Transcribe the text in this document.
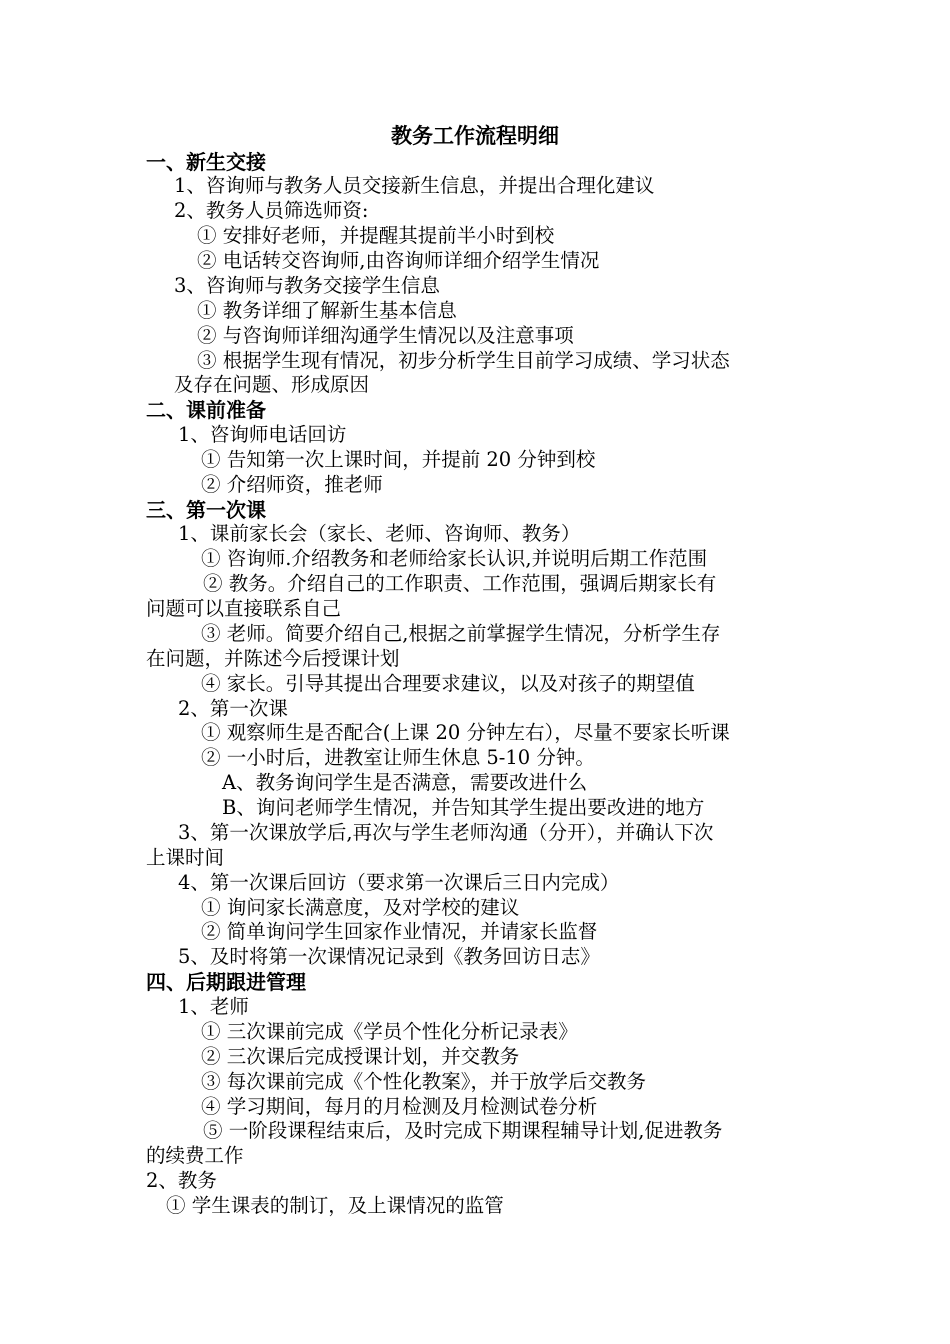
教务工作流程明细
一、新生交接
1、咨询师与教务人员交接新生信息，并提出合理化建议
2、教务人员筛选师资:
① 安排好老师，并提醒其提前半小时到校
② 电话转交咨询师,由咨询师详细介绍学生情况
3、咨询师与教务交接学生信息
① 教务详细了解新生基本信息
② 与咨询师详细沟通学生情况以及注意事项
③ 根据学生现有情况，初步分析学生目前学习成绩、学习状态
及存在问题、形成原因
二、课前准备
1、咨询师电话回访
① 告知第一次上课时间，并提前 20 分钟到校
② 介绍师资，推老师
三、第一次课
1、课前家长会（家长、老师、咨询师、教务）
① 咨询师.介绍教务和老师给家长认识,并说明后期工作范围
② 教务。介绍自己的工作职责、工作范围，强调后期家长有
问题可以直接联系自己
③ 老师。简要介绍自己,根据之前掌握学生情况，分析学生存
在问题，并陈述今后授课计划
④ 家长。引导其提出合理要求建议，以及对孩子的期望值
2、第一次课
① 观察师生是否配合(上课 20 分钟左右），尽量不要家长听课
② 一小时后，进教室让师生休息 5-10 分钟。
A、教务询问学生是否满意，需要改进什么
B、询问老师学生情况，并告知其学生提出要改进的地方
3、第一次课放学后,再次与学生老师沟通（分开），并确认下次
上课时间
4、第一次课后回访（要求第一次课后三日内完成）
① 询问家长满意度，及对学校的建议
② 简单询问学生回家作业情况，并请家长监督
5、及时将第一次课情况记录到《教务回访日志》
四、后期跟进管理
1、老师
① 三次课前完成《学员个性化分析记录表》
② 三次课后完成授课计划，并交教务
③ 每次课前完成《个性化教案》，并于放学后交教务
④ 学习期间，每月的月检测及月检测试卷分析
⑤ 一阶段课程结束后，及时完成下期课程辅导计划,促进教务
的续费工作
2、教务
① 学生课表的制订，及上课情况的监管
